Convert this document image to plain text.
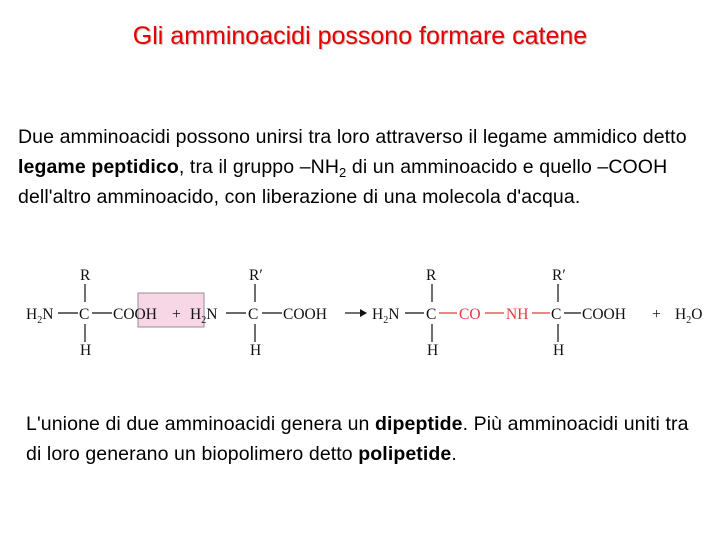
Gli amminoacidi possono formare catene
Due amminoacidi possono unirsi tra loro attraverso il legame ammidico detto legame peptidico, tra il gruppo $-NH_2$ di un amminoacido e quello –COOH dell'altro amminoacido, con liberazione di una molecola d'acqua.
R
$H_2N$ C COOH
H
+
R′
$H_2N$ C COOH
H
R
$H_2N$ C CO NH C COOH
H
R′
H
+ $H_2O$
L'unione di due amminoacidi genera un dipeptide. Più amminoacidi uniti tra di loro generano un biopolimero detto polipetide.
